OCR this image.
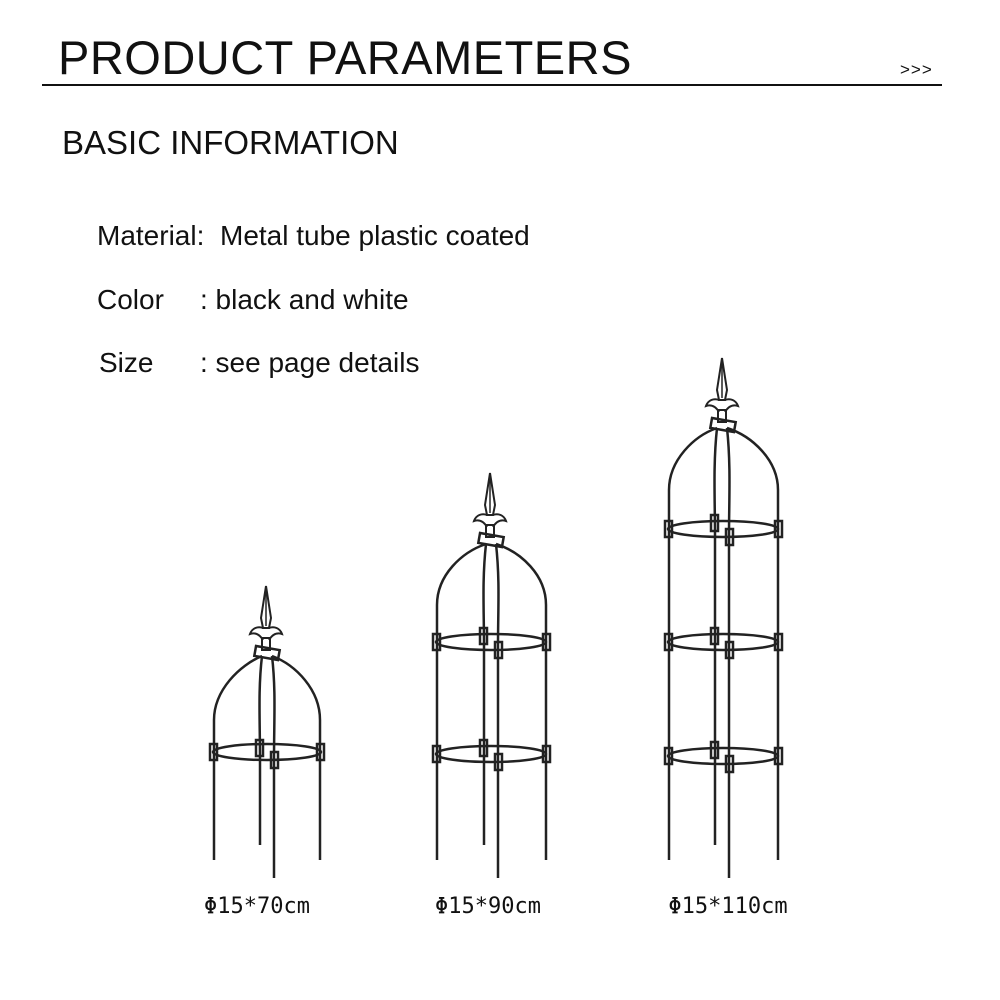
PRODUCT PARAMETERS	>>>
BASIC INFORMATION
Material: Metal tube plastic coated
Color : black and white
Size : see page details
Φ15*70cm	Φ15*90cm	Φ15*110cm
